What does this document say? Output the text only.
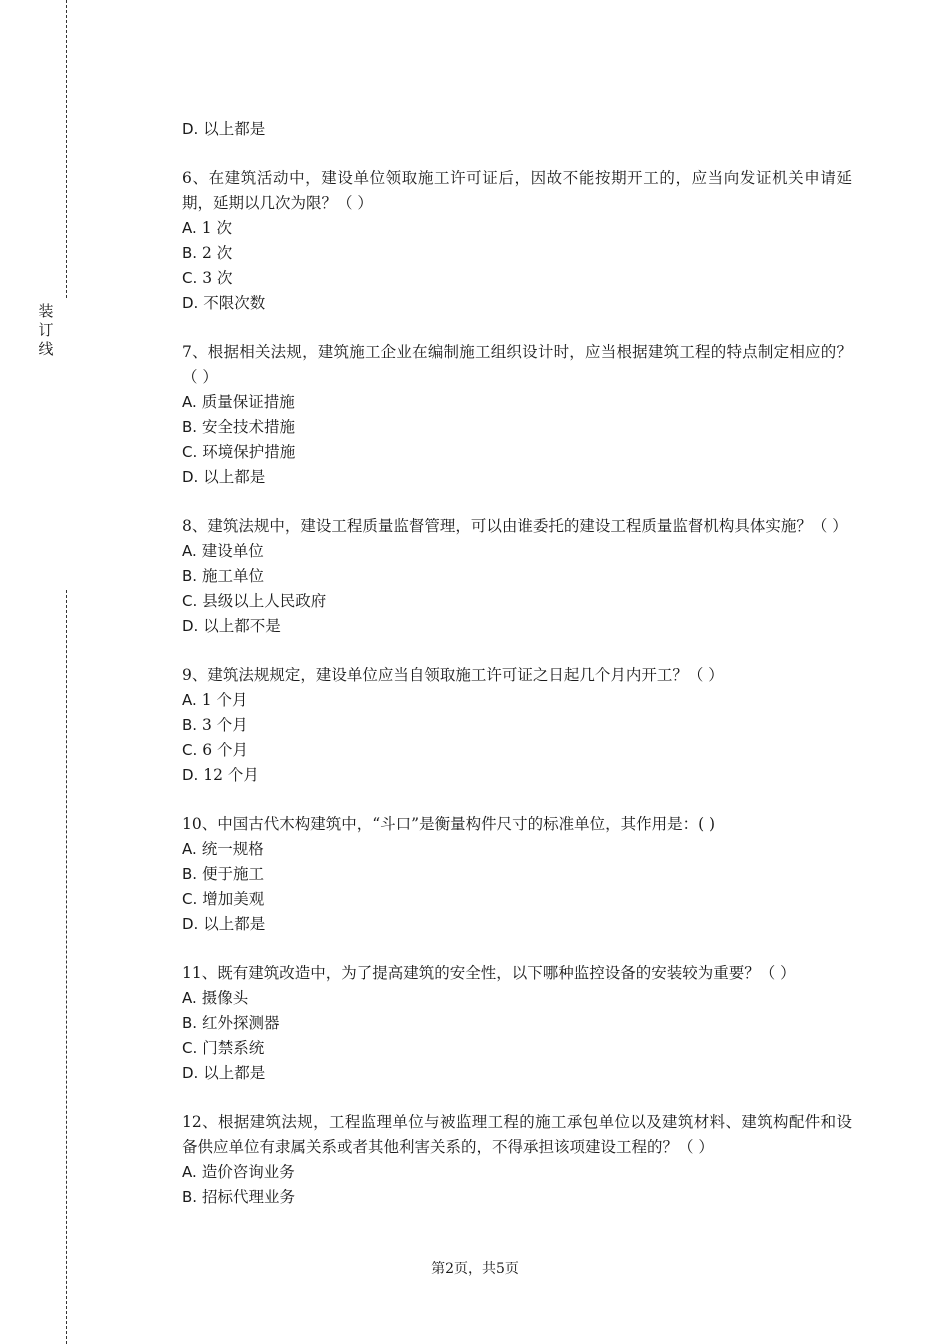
装
订
线
D. 以上都是
6、在建筑活动中，建设单位领取施工许可证后，因故不能按期开工的，应当向发证机关申请延期，延期以几次为限？（ ）
A. 1 次
B. 2 次
C. 3 次
D. 不限次数
7、根据相关法规，建筑施工企业在编制施工组织设计时，应当根据建筑工程的特点制定相应的？（ ）
A. 质量保证措施
B. 安全技术措施
C. 环境保护措施
D. 以上都是
8、建筑法规中，建设工程质量监督管理，可以由谁委托的建设工程质量监督机构具体实施？（ ）
A. 建设单位
B. 施工单位
C. 县级以上人民政府
D. 以上都不是
9、建筑法规规定，建设单位应当自领取施工许可证之日起几个月内开工？（ ）
A. 1 个月
B. 3 个月
C. 6 个月
D. 12 个月
10、中国古代木构建筑中，“斗口”是衡量构件尺寸的标准单位，其作用是：( )
A. 统一规格
B. 便于施工
C. 增加美观
D. 以上都是
11、既有建筑改造中，为了提高建筑的安全性，以下哪种监控设备的安装较为重要？（ ）
A. 摄像头
B. 红外探测器
C. 门禁系统
D. 以上都是
12、根据建筑法规，工程监理单位与被监理工程的施工承包单位以及建筑材料、建筑构配件和设备供应单位有隶属关系或者其他利害关系的，不得承担该项建设工程的？（ ）
A. 造价咨询业务
B. 招标代理业务
第2页，共5页
